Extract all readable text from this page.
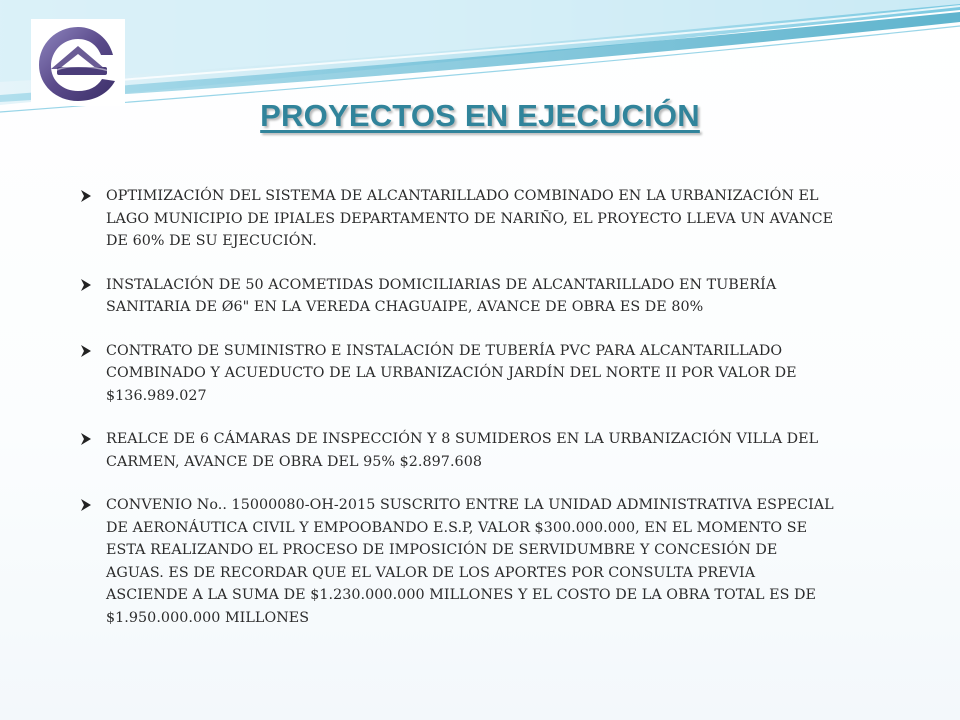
PROYECTOS EN EJECUCIÓN
OPTIMIZACIÓN DEL SISTEMA DE ALCANTARILLADO COMBINADO EN LA URBANIZACIÓN EL LAGO MUNICIPIO DE IPIALES DEPARTAMENTO DE NARIÑO, EL PROYECTO LLEVA UN AVANCE DE 60% DE SU EJECUCIÓN.
INSTALACIÓN DE 50 ACOMETIDAS DOMICILIARIAS DE ALCANTARILLADO EN TUBERÍA SANITARIA DE Ø6" EN LA VEREDA CHAGUAIPE, AVANCE DE OBRA ES DE 80%
CONTRATO DE SUMINISTRO E INSTALACIÓN DE TUBERÍA PVC PARA ALCANTARILLADO COMBINADO Y ACUEDUCTO DE LA URBANIZACIÓN JARDÍN DEL NORTE II POR VALOR DE $136.989.027
REALCE DE 6 CÁMARAS DE INSPECCIÓN Y 8 SUMIDEROS EN LA URBANIZACIÓN VILLA DEL CARMEN, AVANCE DE OBRA DEL 95% $2.897.608
CONVENIO No.. 15000080-OH-2015 SUSCRITO ENTRE LA UNIDAD ADMINISTRATIVA ESPECIAL DE AERONÁUTICA CIVIL Y EMPOOBANDO E.S.P, VALOR $300.000.000, EN EL MOMENTO SE ESTA REALIZANDO EL PROCESO DE IMPOSICIÓN DE SERVIDUMBRE Y CONCESIÓN DE AGUAS. ES DE RECORDAR QUE EL VALOR DE LOS APORTES POR CONSULTA PREVIA ASCIENDE A LA SUMA DE $1.230.000.000 MILLONES Y EL COSTO DE LA OBRA TOTAL ES DE $1.950.000.000 MILLONES
